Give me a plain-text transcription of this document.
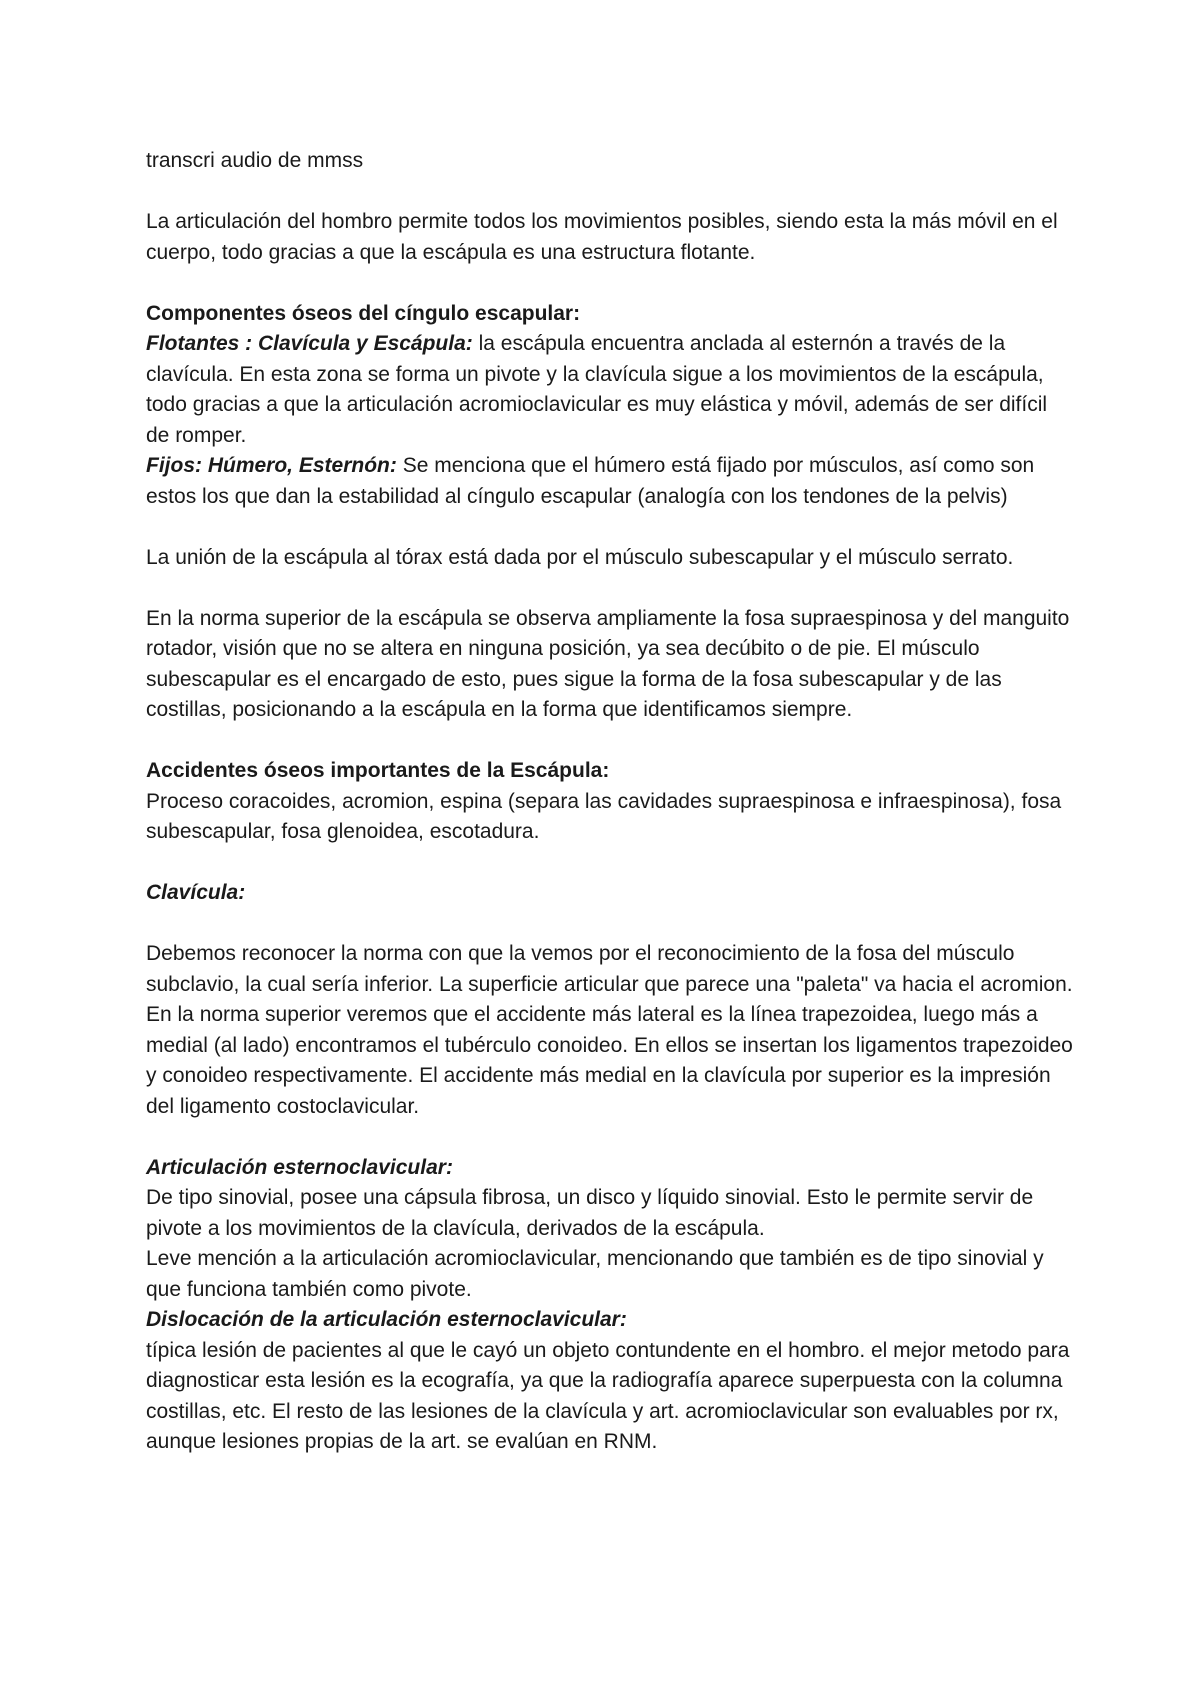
transcri audio de mmss

La articulación del hombro permite todos los movimientos posibles, siendo esta la más móvil en el cuerpo, todo gracias a que la escápula es una estructura flotante.

Componentes óseos del cíngulo escapular:

Flotantes : Clavícula y Escápula: la escápula encuentra anclada al esternón a través de la clavícula. En esta zona se forma un pivote y la clavícula sigue a los movimientos de la escápula, todo gracias a que la articulación acromioclavicular es muy elástica y móvil, además de ser difícil de romper.

Fijos: Húmero, Esternón: Se menciona que el húmero está fijado por músculos, así como son estos los que dan la estabilidad al cíngulo escapular (analogía con los tendones de la pelvis)

La unión de la escápula al tórax está dada por el músculo subescapular y el músculo serrato.

En la norma superior de la escápula se observa ampliamente la fosa supraespinosa y del manguito rotador, visión que no se altera en ninguna posición, ya sea decúbito o de pie. El músculo subescapular es el encargado de esto, pues sigue la forma de la fosa subescapular y de las costillas, posicionando a la escápula en la forma que identificamos siempre.

Accidentes óseos importantes de la Escápula:

Proceso coracoides, acromion, espina (separa las cavidades supraespinosa e infraespinosa), fosa subescapular, fosa glenoidea, escotadura.

Clavícula:

Debemos reconocer la norma con que la vemos por el reconocimiento de la fosa del músculo subclavio, la cual sería inferior. La superficie articular que parece una "paleta" va hacia el acromion. En la norma superior veremos que el accidente más lateral es la línea trapezoidea, luego más a medial (al lado) encontramos el tubérculo conoideo. En ellos se insertan los ligamentos trapezoideo y conoideo respectivamente. El accidente más medial en la clavícula por superior es la impresión del ligamento costoclavicular.

Articulación esternoclavicular:

De tipo sinovial, posee una cápsula fibrosa, un disco y líquido sinovial. Esto le permite servir de pivote a los movimientos de la clavícula, derivados de la escápula.

Leve mención a la articulación acromioclavicular, mencionando que también es de tipo sinovial y que funciona también como pivote.

Dislocación de la articulación esternoclavicular:

típica lesión de pacientes al que le cayó un objeto contundente en el hombro. el mejor metodo para diagnosticar esta lesión es la ecografía, ya que la radiografía aparece superpuesta con la columna costillas, etc. El resto de las lesiones de la clavícula y art. acromioclavicular son evaluables por rx, aunque lesiones propias de la art. se evalúan en RNM.
